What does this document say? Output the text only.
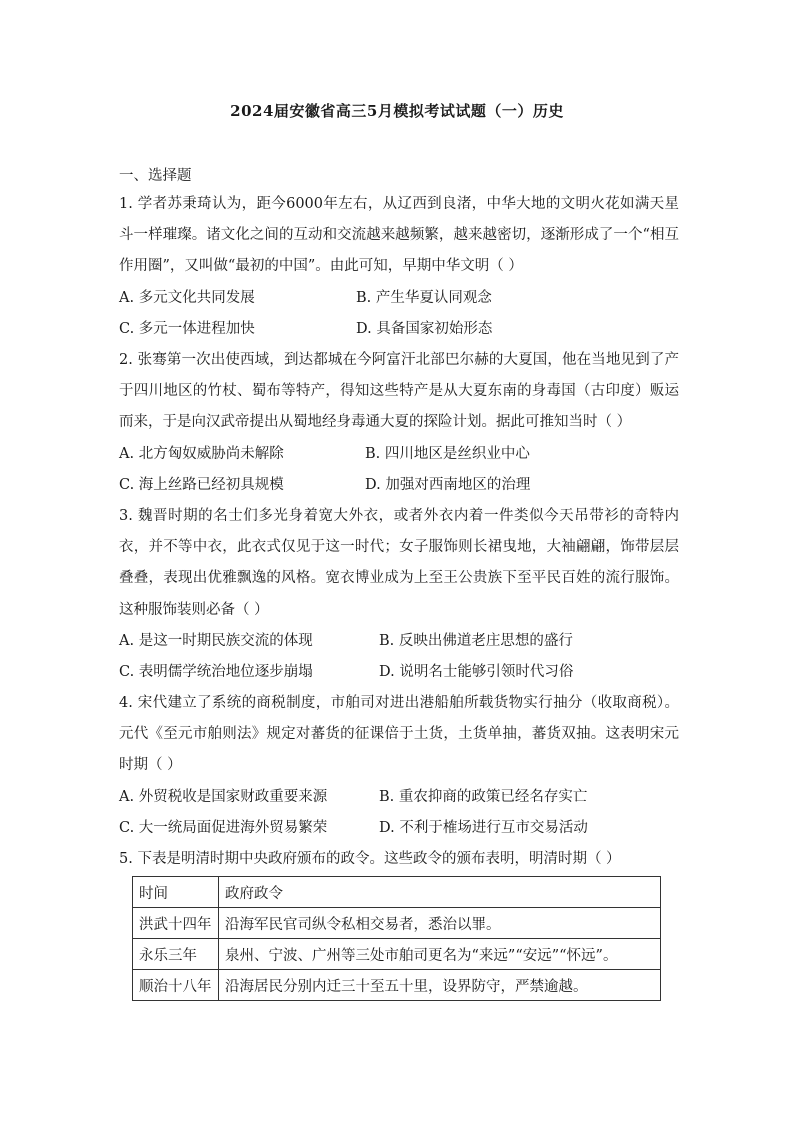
2024届安徽省高三5月模拟考试试题（一）历史
一、选择题
1. 学者苏秉琦认为，距今6000年左右，从辽西到良渚，中华大地的文明火花如满天星斗一样璀璨。诸文化之间的互动和交流越来越频繁，越来越密切，逐渐形成了一个“相互作用圈”，又叫做“最初的中国”。由此可知，早期中华文明（ ）
A. 多元文化共同发展	B. 产生华夏认同观念
C. 多元一体进程加快	D. 具备国家初始形态
2. 张骞第一次出使西域，到达都城在今阿富汗北部巴尔赫的大夏国，他在当地见到了产于四川地区的竹杖、蜀布等特产，得知这些特产是从大夏东南的身毒国（古印度）贩运而来，于是向汉武帝提出从蜀地经身毒通大夏的探险计划。据此可推知当时（ ）
A. 北方匈奴威胁尚未解除	B. 四川地区是丝织业中心
C. 海上丝路已经初具规模	D. 加强对西南地区的治理
3. 魏晋时期的名士们多光身着宽大外衣，或者外衣内着一件类似今天吊带衫的奇特内衣，并不等中衣，此衣式仅见于这一时代；女子服饰则长裙曳地，大袖翩翩，饰带层层叠叠，表现出优雅飘逸的风格。宽衣博业成为上至王公贵族下至平民百姓的流行服饰。这种服饰装则必备（ ）
A. 是这一时期民族交流的体现	B. 反映出佛道老庄思想的盛行
C. 表明儒学统治地位逐步崩塌	D. 说明名士能够引领时代习俗
4. 宋代建立了系统的商税制度，市舶司对进出港船舶所载货物实行抽分（收取商税）。元代《至元市舶则法》规定对蕃货的征课倍于土货，土货单抽，蕃货双抽。这表明宋元时期（ ）
A. 外贸税收是国家财政重要来源	B. 重农抑商的政策已经名存实亡
C. 大一统局面促进海外贸易繁荣	D. 不利于榷场进行互市交易活动
5. 下表是明清时期中央政府颁布的政令。这些政令的颁布表明，明清时期（ ）
时间	政府政令
洪武十四年	沿海军民官司纵令私相交易者，悉治以罪。
永乐三年	泉州、宁波、广州等三处市舶司更名为“来远”“安远”“怀远”。
顺治十八年	沿海居民分别内迁三十至五十里，设界防守，严禁逾越。
